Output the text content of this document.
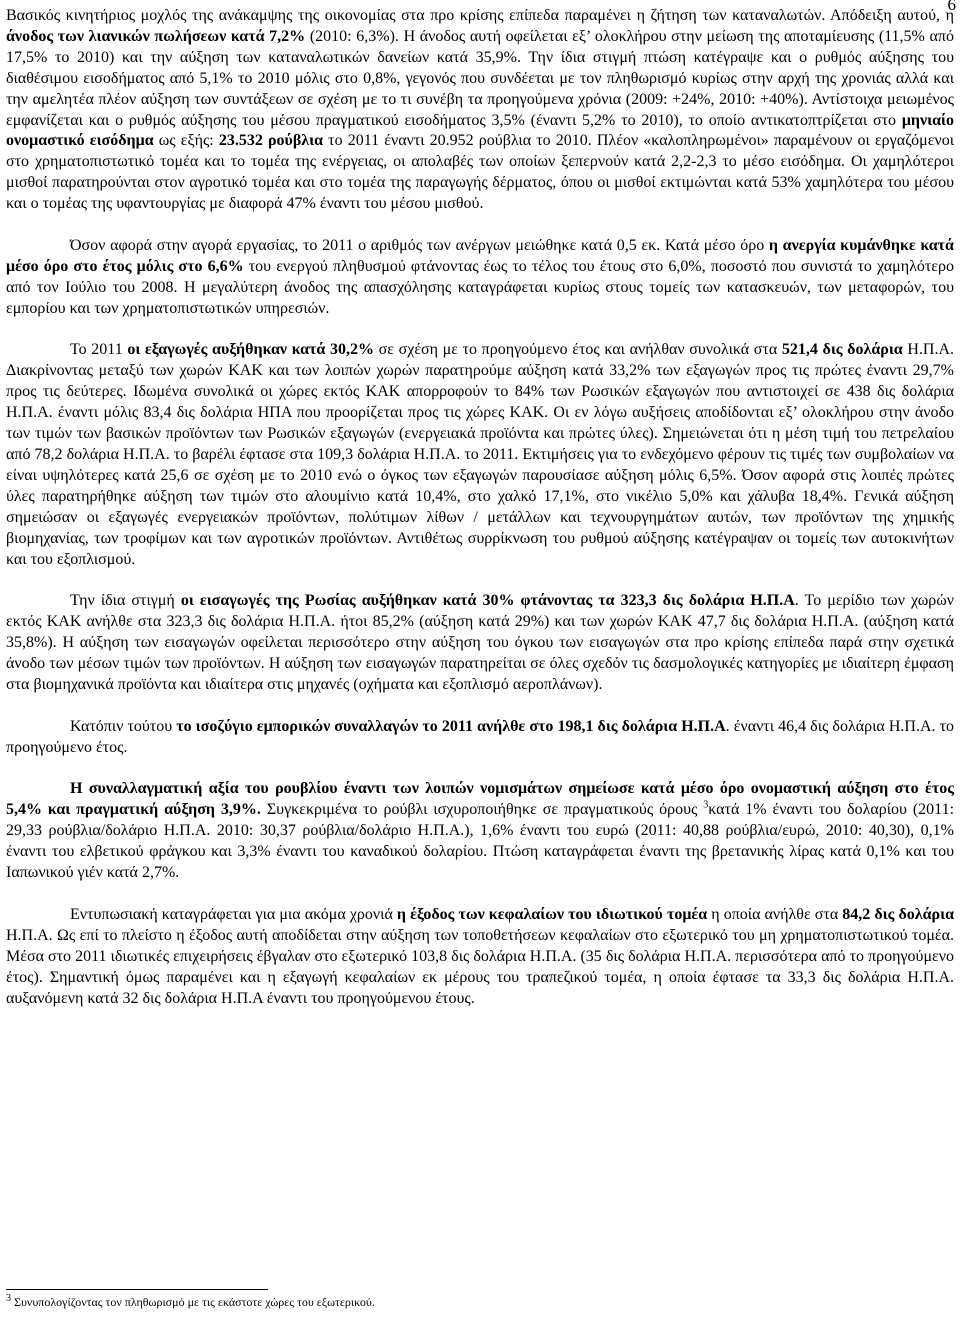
6

Βασικός κινητήριος μοχλός της ανάκαμψης της οικονομίας στα προ κρίσης επίπεδα παραμένει η ζήτηση των καταναλωτών. Απόδειξη αυτού, η άνοδος των λιανικών πωλήσεων κατά 7,2% (2010: 6,3%). Η άνοδος αυτή οφείλεται εξ’ ολοκλήρου στην μείωση της αποταμίευσης (11,5% από 17,5% το 2010) και την αύξηση των καταναλωτικών δανείων κατά 35,9%. Την ίδια στιγμή πτώση κατέγραψε και ο ρυθμός αύξησης του διαθέσιμου εισοδήματος από 5,1% το 2010 μόλις στο 0,8%, γεγονός που συνδέεται με τον πληθωρισμό κυρίως στην αρχή της χρονιάς αλλά και την αμελητέα πλέον αύξηση των συντάξεων σε σχέση με το τι συνέβη τα προηγούμενα χρόνια (2009: +24%, 2010: +40%). Αντίστοιχα μειωμένος εμφανίζεται και ο ρυθμός αύξησης του μέσου πραγματικού εισοδήματος 3,5% (έναντι 5,2% το 2010), το οποίο αντικατοπτρίζεται στο μηνιαίο ονομαστικό εισόδημα ως εξής: 23.532 ρούβλια το 2011 έναντι 20.952 ρούβλια το 2010. Πλέον «καλοπληρωμένοι» παραμένουν οι εργαζόμενοι στο χρηματοπιστωτικό τομέα και το τομέα της ενέργειας, οι απολαβές των οποίων ξεπερνούν κατά 2,2-2,3 το μέσο εισόδημα. Οι χαμηλότεροι μισθοί παρατηρούνται στον αγροτικό τομέα και στο τομέα της παραγωγής δέρματος, όπου οι μισθοί εκτιμώνται κατά 53% χαμηλότερα του μέσου και ο τομέας της υφαντουργίας με διαφορά 47% έναντι του μέσου μισθού.

Όσον αφορά στην αγορά εργασίας, το 2011 ο αριθμός των ανέργων μειώθηκε κατά 0,5 εκ. Κατά μέσο όρο η ανεργία κυμάνθηκε κατά μέσο όρο στο έτος μόλις στο 6,6% του ενεργού πληθυσμού φτάνοντας έως το τέλος του έτους στο 6,0%, ποσοστό που συνιστά το χαμηλότερο από τον Ιούλιο του 2008. Η μεγαλύτερη άνοδος της απασχόλησης καταγράφεται κυρίως στους τομείς των κατασκευών, των μεταφορών, του εμπορίου και των χρηματοπιστωτικών υπηρεσιών.

Το 2011 οι εξαγωγές αυξήθηκαν κατά 30,2% σε σχέση με το προηγούμενο έτος και ανήλθαν συνολικά στα 521,4 δις δολάρια Η.Π.Α. Διακρίνοντας μεταξύ των χωρών ΚΑΚ και των λοιπών χωρών παρατηρούμε αύξηση κατά 33,2% των εξαγωγών προς τις πρώτες έναντι 29,7% προς τις δεύτερες. Ιδωμένα συνολικά οι χώρες εκτός ΚΑΚ απορροφούν το 84% των Ρωσικών εξαγωγών που αντιστοιχεί σε 438 δις δολάρια Η.Π.Α. έναντι μόλις 83,4 δις δολάρια ΗΠΑ που προορίζεται προς τις χώρες ΚΑΚ. Οι εν λόγω αυξήσεις αποδίδονται εξ’ ολοκλήρου στην άνοδο των τιμών των βασικών προϊόντων των Ρωσικών εξαγωγών (ενεργειακά προϊόντα και πρώτες ύλες). Σημειώνεται ότι η μέση τιμή του πετρελαίου από 78,2 δολάρια Η.Π.Α. το βαρέλι έφτασε στα 109,3 δολάρια Η.Π.Α. το 2011. Εκτιμήσεις για το ενδεχόμενο φέρουν τις τιμές των συμβολαίων να είναι υψηλότερες κατά 25,6 σε σχέση με το 2010 ενώ ο όγκος των εξαγωγών παρουσίασε αύξηση μόλις 6,5%. Όσον αφορά στις λοιπές πρώτες ύλες παρατηρήθηκε αύξηση των τιμών στο αλουμίνιο κατά 10,4%, στο χαλκό 17,1%, στο νικέλιο 5,0% και χάλυβα 18,4%. Γενικά αύξηση σημειώσαν οι εξαγωγές ενεργειακών προϊόντων, πολύτιμων λίθων / μετάλλων και τεχνουργημάτων αυτών, των προϊόντων της χημικής βιομηχανίας, των τροφίμων και των αγροτικών προϊόντων. Αντιθέτως συρρίκνωση του ρυθμού αύξησης κατέγραψαν οι τομείς των αυτοκινήτων και του εξοπλισμού.

Την ίδια στιγμή οι εισαγωγές της Ρωσίας αυξήθηκαν κατά 30% φτάνοντας τα 323,3 δις δολάρια Η.Π.Α. Το μερίδιο των χωρών εκτός ΚΑΚ ανήλθε στα 323,3 δις δολάρια Η.Π.Α. ήτοι 85,2% (αύξηση κατά 29%) και των χωρών ΚΑΚ 47,7 δις δολάρια Η.Π.Α. (αύξηση κατά 35,8%). Η αύξηση των εισαγωγών οφείλεται περισσότερο στην αύξηση του όγκου των εισαγωγών στα προ κρίσης επίπεδα παρά στην σχετικά άνοδο των μέσων τιμών των προϊόντων. Η αύξηση των εισαγωγών παρατηρείται σε όλες σχεδόν τις δασμολογικές κατηγορίες με ιδιαίτερη έμφαση στα βιομηχανικά προϊόντα και ιδιαίτερα στις μηχανές (οχήματα και εξοπλισμό αεροπλάνων).

Κατόπιν τούτου το ισοζύγιο εμπορικών συναλλαγών το 2011 ανήλθε στο 198,1 δις δολάρια Η.Π.Α. έναντι 46,4 δις δολάρια Η.Π.Α. το προηγούμενο έτος.

Η συναλλαγματική αξία του ρουβλίου έναντι των λοιπών νομισμάτων σημείωσε κατά μέσο όρο ονομαστική αύξηση στο έτος 5,4% και πραγματική αύξηση 3,9%. Συγκεκριμένα το ρούβλι ισχυροποιήθηκε σε πραγματικούς όρους $^3$κατά 1% έναντι του δολαρίου (2011: 29,33 ρούβλια/δολάριο Η.Π.Α. 2010: 30,37 ρούβλια/δολάριο Η.Π.Α.), 1,6% έναντι του ευρώ (2011: 40,88 ρούβλια/ευρώ, 2010: 40,30), 0,1% έναντι του ελβετικού φράγκου και 3,3% έναντι του καναδικού δολαρίου. Πτώση καταγράφεται έναντι της βρετανικής λίρας κατά 0,1% και του Ιαπωνικού γιέν κατά 2,7%.

Εντυπωσιακή καταγράφεται για μια ακόμα χρονιά η έξοδος των κεφαλαίων του ιδιωτικού τομέα η οποία ανήλθε στα 84,2 δις δολάρια Η.Π.Α. Ως επί το πλείστο η έξοδος αυτή αποδίδεται στην αύξηση των τοποθετήσεων κεφαλαίων στο εξωτερικό του μη χρηματοπιστωτικού τομέα. Μέσα στο 2011 ιδιωτικές επιχειρήσεις έβγαλαν στο εξωτερικό 103,8 δις δολάρια Η.Π.Α. (35 δις δολάρια Η.Π.Α. περισσότερα από το προηγούμενο έτος). Σημαντική όμως παραμένει και η εξαγωγή κεφαλαίων εκ μέρους του τραπεζικού τομέα, η οποία έφτασε τα 33,3 δις δολάρια Η.Π.Α. αυξανόμενη κατά 32 δις δολάρια Η.Π.Α έναντι του προηγούμενου έτους.

$^3$ Συνυπολογίζοντας τον πληθωρισμό με τις εκάστοτε χώρες του εξωτερικού.
